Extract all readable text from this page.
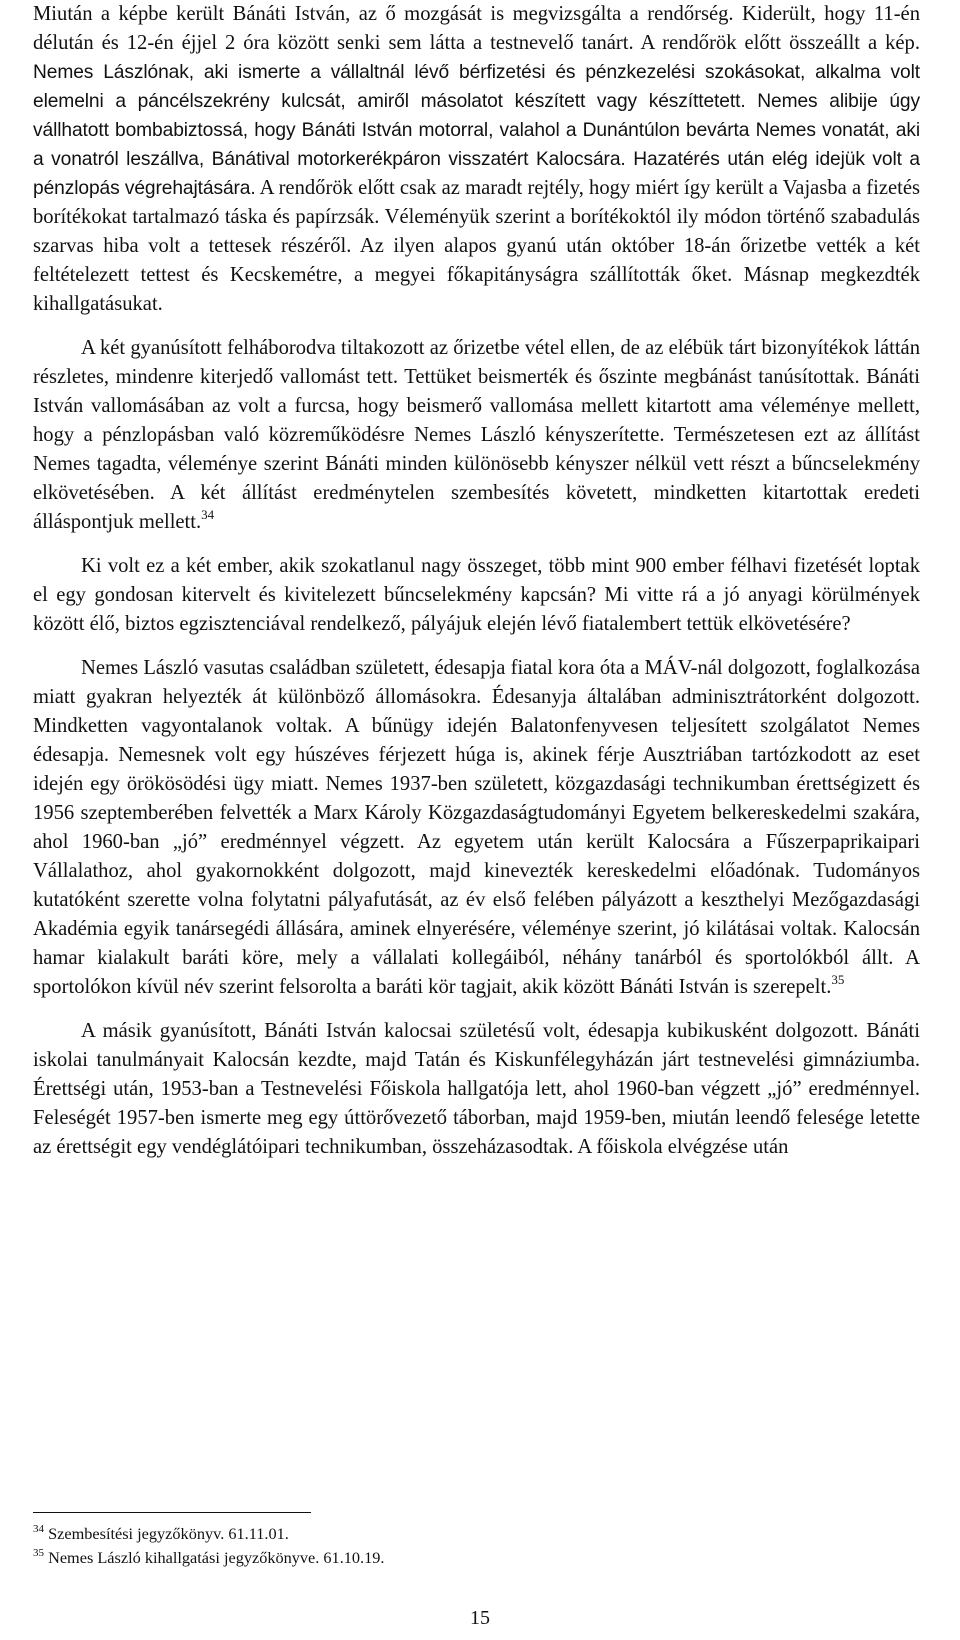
Miután a képbe került Bánáti István, az ő mozgását is megvizsgálta a rendőrség. Kiderült, hogy 11-én délután és 12-én éjjel 2 óra között senki sem látta a testnevelő tanárt. A rendőrök előtt összeállt a kép. Nemes Lászlónak, aki ismerte a vállaltnál lévő bérfizetési és pénzkezelési szokásokat, alkalma volt elemelni a páncélszekrény kulcsát, amiről másolatot készített vagy készíttetett. Nemes alibije úgy vállhatott bombabiztossá, hogy Bánáti István motorral, valahol a Dunántúlon bevárta Nemes vonatát, aki a vonatról leszállva, Bánátival motorkerékpáron visszatért Kalocsára. Hazatérés után elég idejük volt a pénzlopás végrehajtására. A rendőrök előtt csak az maradt rejtély, hogy miért így került a Vajasba a fizetés borítékokat tartalmazó táska és papírzsák. Véleményük szerint a borítékoktól ily módon történő szabadulás szarvas hiba volt a tettesek részéről. Az ilyen alapos gyanú után október 18-án őrizetbe vették a két feltételezett tettest és Kecskemétre, a megyei főkapitányságra szállították őket. Másnap megkezdték kihallgatásukat.

A két gyanúsított felháborodva tiltakozott az őrizetbe vétel ellen, de az elébük tárt bizonyítékok láttán részletes, mindenre kiterjedő vallomást tett. Tettüket beismerték és őszinte megbánást tanúsítottak. Bánáti István vallomásában az volt a furcsa, hogy beismerő vallomása mellett kitartott ama véleménye mellett, hogy a pénzlopásban való közreműködésre Nemes László kényszerítette. Természetesen ezt az állítást Nemes tagadta, véleménye szerint Bánáti minden különösebb kényszer nélkül vett részt a bűncselekmény elkövetésében. A két állítást eredménytelen szembesítés követett, mindketten kitartottak eredeti álláspontjuk mellett.$^{34}$

Ki volt ez a két ember, akik szokatlanul nagy összeget, több mint 900 ember félhavi fizetését loptak el egy gondosan kitervelt és kivitelezett bűncselekmény kapcsán? Mi vitte rá a jó anyagi körülmények között élő, biztos egzisztenciával rendelkező, pályájuk elején lévő fiatalembert tettük elkövetésére?

Nemes László vasutas családban született, édesapja fiatal kora óta a MÁV-nál dolgozott, foglalkozása miatt gyakran helyezték át különböző állomásokra. Édesanyja általában adminisztrátorként dolgozott. Mindketten vagyontalanok voltak. A bűnügy idején Balatonfenyvesen teljesített szolgálatot Nemes édesapja. Nemesnek volt egy húszéves férjezett húga is, akinek férje Ausztriában tartózkodott az eset idején egy örökösödési ügy miatt. Nemes 1937-ben született, közgazdasági technikumban érettségizett és 1956 szeptemberében felvették a Marx Károly Közgazdaságtudományi Egyetem belkereskedelmi szakára, ahol 1960-ban „jó” eredménnyel végzett. Az egyetem után került Kalocsára a Fűszerpaprikaipari Vállalathoz, ahol gyakornokként dolgozott, majd kinevezték kereskedelmi előadónak. Tudományos kutatóként szerette volna folytatni pályafutását, az év első felében pályázott a keszthelyi Mezőgazdasági Akadémia egyik tanársegédi állására, aminek elnyerésére, véleménye szerint, jó kilátásai voltak. Kalocsán hamar kialakult baráti köre, mely a vállalati kollegáiból, néhány tanárból és sportolókból állt. A sportolókon kívül név szerint felsorolta a baráti kör tagjait, akik között Bánáti István is szerepelt.$^{35}$

A másik gyanúsított, Bánáti István kalocsai születésű volt, édesapja kubikusként dolgozott. Bánáti iskolai tanulmányait Kalocsán kezdte, majd Tatán és Kiskunfélegyházán járt testnevelési gimnáziumba. Érettségi után, 1953-ban a Testnevelési Főiskola hallgatója lett, ahol 1960-ban végzett „jó” eredménnyel. Feleségét 1957-ben ismerte meg egy úttörővezető táborban, majd 1959-ben, miután leendő felesége letette az érettségit egy vendéglátóipari technikumban, összeházasodtak. A főiskola elvégzése után

$^{34}$ Szembesítési jegyzőkönyv. 61.11.01.
$^{35}$ Nemes László kihallgatási jegyzőkönyve. 61.10.19.
15
